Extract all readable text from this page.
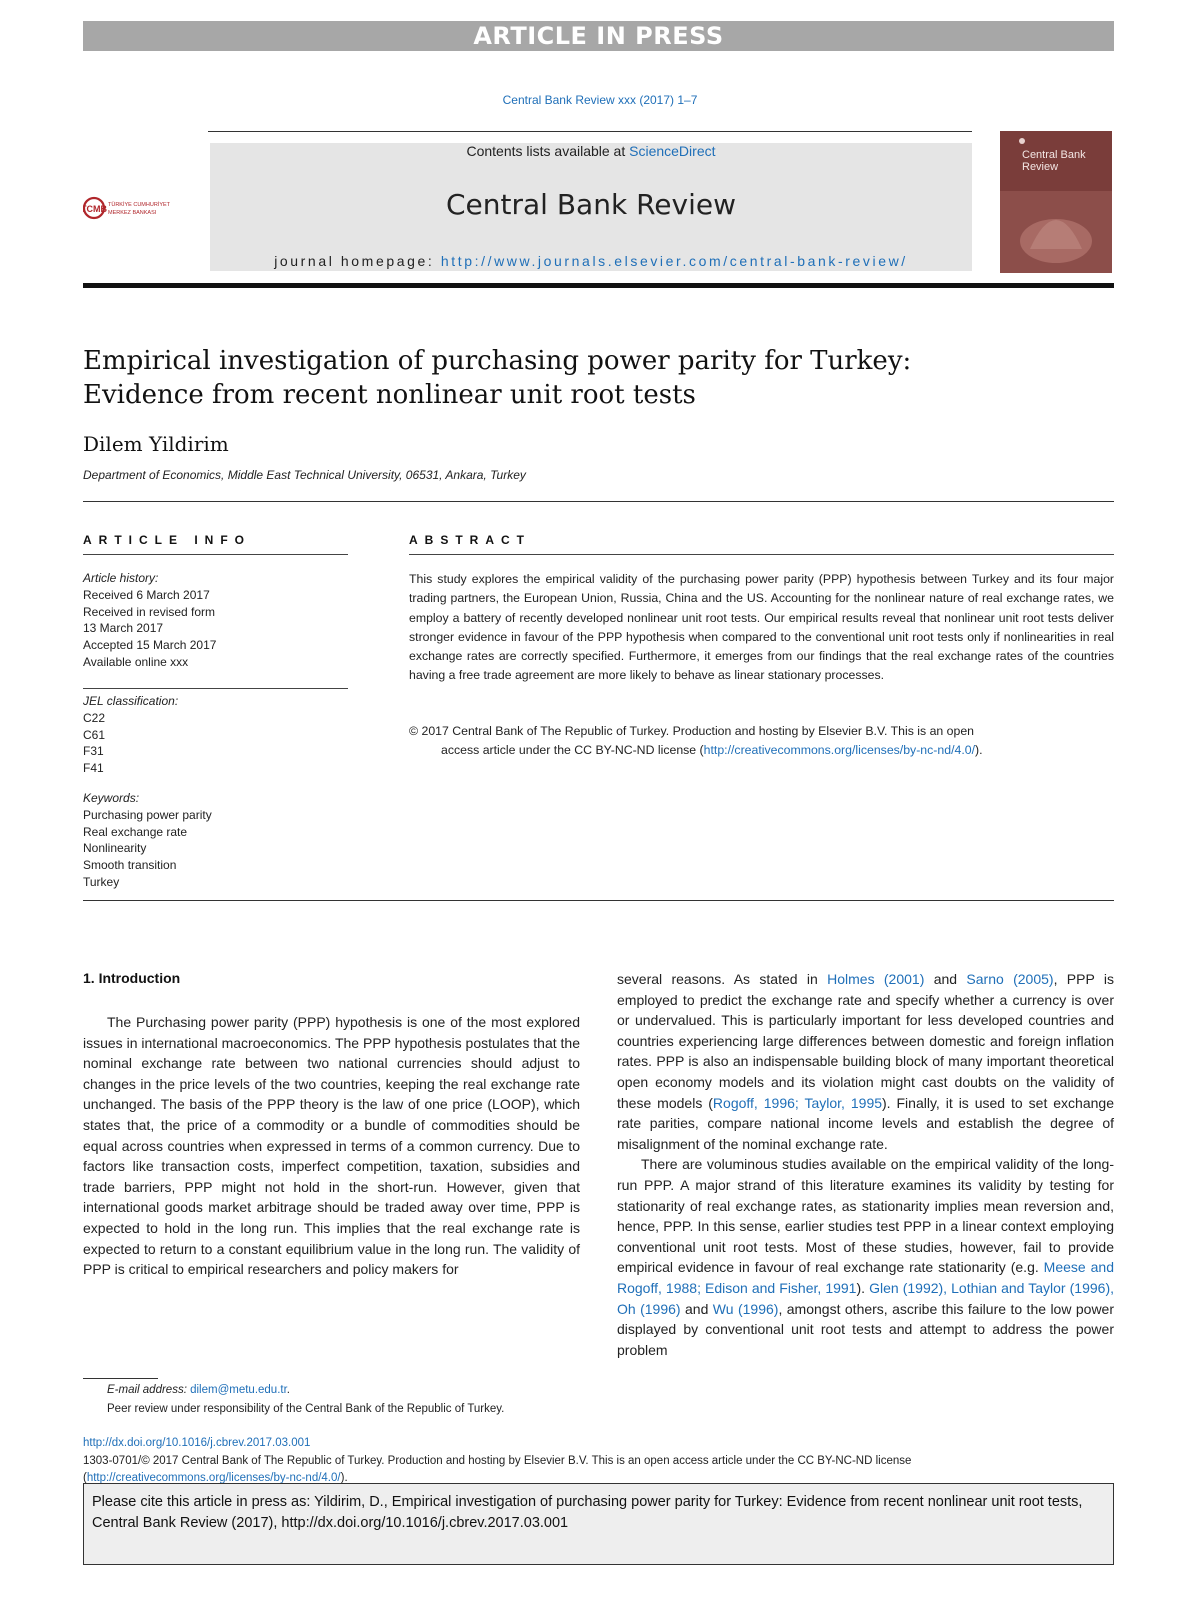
ARTICLE IN PRESS
Central Bank Review xxx (2017) 1–7
Contents lists available at ScienceDirect
Central Bank Review
journal homepage: http://www.journals.elsevier.com/central-bank-review/
TCMB TÜRKİYE CUMHURİYET
MERKEZ BANKASI
Central Bank Review
Empirical investigation of purchasing power parity for Turkey:
Evidence from recent nonlinear unit root tests
Dilem Yildirim
Department of Economics, Middle East Technical University, 06531, Ankara, Turkey
ARTICLE INFO	ABSTRACT
Article history:
Received 6 March 2017
Received in revised form
13 March 2017
Accepted 15 March 2017
Available online xxx
JEL classification:
C22
C61
F31
F41
Keywords:
Purchasing power parity
Real exchange rate
Nonlinearity
Smooth transition
Turkey
This study explores the empirical validity of the purchasing power parity (PPP) hypothesis between Turkey and its four major trading partners, the European Union, Russia, China and the US. Accounting for the nonlinear nature of real exchange rates, we employ a battery of recently developed nonlinear unit root tests. Our empirical results reveal that nonlinear unit root tests deliver stronger evidence in favour of the PPP hypothesis when compared to the conventional unit root tests only if nonlinearities in real exchange rates are correctly specified. Furthermore, it emerges from our findings that the real exchange rates of the countries having a free trade agreement are more likely to behave as linear stationary processes.
© 2017 Central Bank of The Republic of Turkey. Production and hosting by Elsevier B.V. This is an open
access article under the CC BY-NC-ND license (http://creativecommons.org/licenses/by-nc-nd/4.0/).
1. Introduction

The Purchasing power parity (PPP) hypothesis is one of the most explored issues in international macroeconomics. The PPP hypothesis postulates that the nominal exchange rate between two national currencies should adjust to changes in the price levels of the two countries, keeping the real exchange rate unchanged. The basis of the PPP theory is the law of one price (LOOP), which states that, the price of a commodity or a bundle of commodities should be equal across countries when expressed in terms of a common currency. Due to factors like transaction costs, imperfect competition, taxation, subsidies and trade barriers, PPP might not hold in the short-run. However, given that international goods market arbitrage should be traded away over time, PPP is expected to hold in the long run. This implies that the real exchange rate is expected to return to a constant equilibrium value in the long run. The validity of PPP is critical to empirical researchers and policy makers for

several reasons. As stated in Holmes (2001) and Sarno (2005), PPP is employed to predict the exchange rate and specify whether a currency is over or undervalued. This is particularly important for less developed countries and countries experiencing large differences between domestic and foreign inflation rates. PPP is also an indispensable building block of many important theoretical open economy models and its violation might cast doubts on the validity of these models (Rogoff, 1996; Taylor, 1995). Finally, it is used to set exchange rate parities, compare national income levels and establish the degree of misalignment of the nominal exchange rate.

There are voluminous studies available on the empirical validity of the long-run PPP. A major strand of this literature examines its validity by testing for stationarity of real exchange rates, as stationarity implies mean reversion and, hence, PPP. In this sense, earlier studies test PPP in a linear context employing conventional unit root tests. Most of these studies, however, fail to provide empirical evidence in favour of real exchange rate stationarity (e.g. Meese and Rogoff, 1988; Edison and Fisher, 1991). Glen (1992), Lothian and Taylor (1996), Oh (1996) and Wu (1996), amongst others, ascribe this failure to the low power displayed by conventional unit root tests and attempt to address the power problem

E-mail address: dilem@metu.edu.tr.
Peer review under responsibility of the Central Bank of the Republic of Turkey.
http://dx.doi.org/10.1016/j.cbrev.2017.03.001
1303-0701/© 2017 Central Bank of The Republic of Turkey. Production and hosting by Elsevier B.V. This is an open access article under the CC BY-NC-ND license (http://creativecommons.org/licenses/by-nc-nd/4.0/).
Please cite this article in press as: Yildirim, D., Empirical investigation of purchasing power parity for Turkey: Evidence from recent nonlinear unit root tests, Central Bank Review (2017), http://dx.doi.org/10.1016/j.cbrev.2017.03.001
